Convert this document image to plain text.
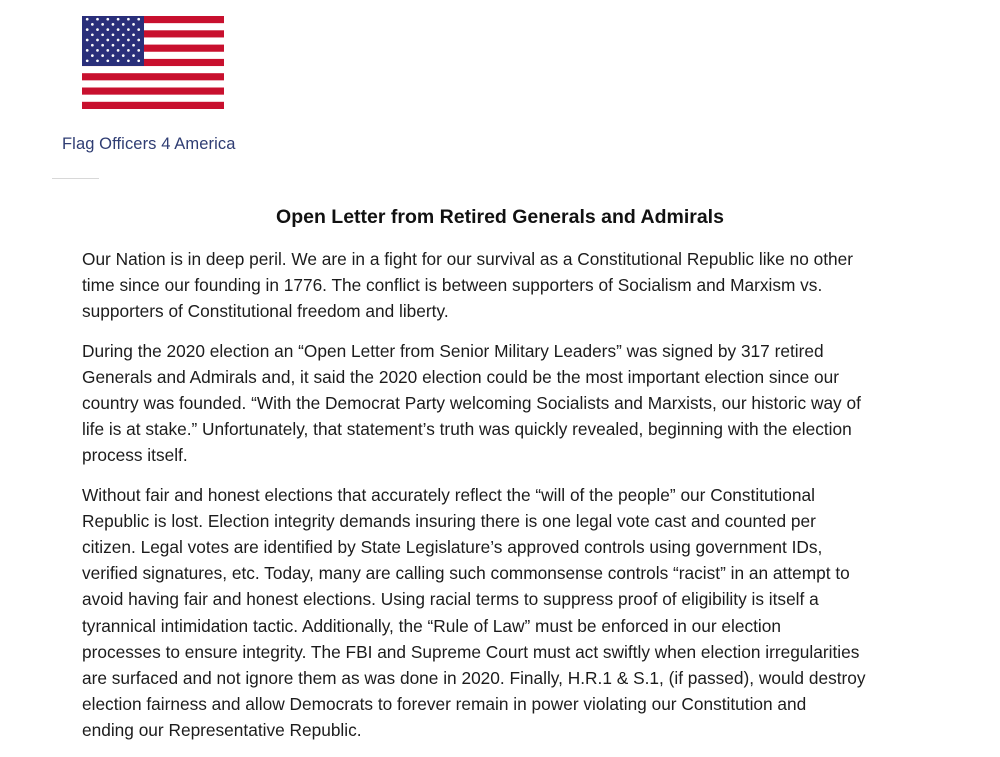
Flag Officers 4 America
Open Letter from Retired Generals and Admirals

Our Nation is in deep peril. We are in a fight for our survival as a Constitutional Republic like no other
time since our founding in 1776. The conflict is between supporters of Socialism and Marxism vs.
supporters of Constitutional freedom and liberty.

During the 2020 election an “Open Letter from Senior Military Leaders” was signed by 317 retired
Generals and Admirals and, it said the 2020 election could be the most important election since our
country was founded. “With the Democrat Party welcoming Socialists and Marxists, our historic way of
life is at stake.” Unfortunately, that statement’s truth was quickly revealed, beginning with the election
process itself.

Without fair and honest elections that accurately reflect the “will of the people” our Constitutional
Republic is lost. Election integrity demands insuring there is one legal vote cast and counted per
citizen. Legal votes are identified by State Legislature’s approved controls using government IDs,
verified signatures, etc. Today, many are calling such commonsense controls “racist” in an attempt to
avoid having fair and honest elections. Using racial terms to suppress proof of eligibility is itself a
tyrannical intimidation tactic. Additionally, the “Rule of Law” must be enforced in our election
processes to ensure integrity. The FBI and Supreme Court must act swiftly when election irregularities
are surfaced and not ignore them as was done in 2020. Finally, H.R.1 & S.1, (if passed), would destroy
election fairness and allow Democrats to forever remain in power violating our Constitution and
ending our Representative Republic.
